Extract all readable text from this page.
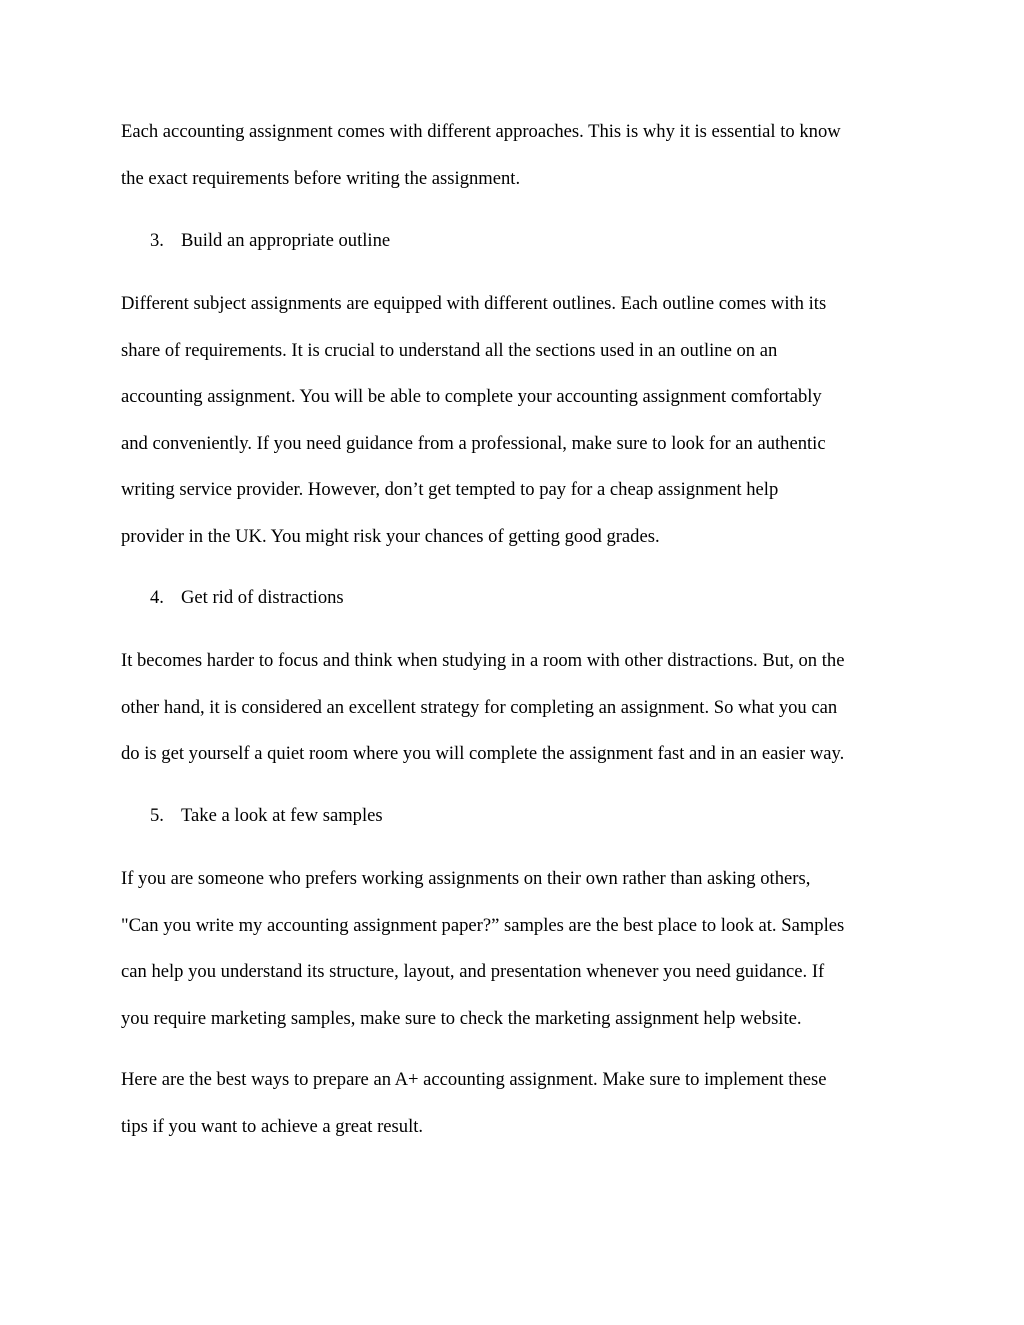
Each accounting assignment comes with different approaches. This is why it is essential to know
the exact requirements before writing the assignment.

3. Build an appropriate outline

Different subject assignments are equipped with different outlines. Each outline comes with its
share of requirements. It is crucial to understand all the sections used in an outline on an
accounting assignment. You will be able to complete your accounting assignment comfortably
and conveniently. If you need guidance from a professional, make sure to look for an authentic
writing service provider. However, don’t get tempted to pay for a cheap assignment help
provider in the UK. You might risk your chances of getting good grades.

4. Get rid of distractions

It becomes harder to focus and think when studying in a room with other distractions. But, on the
other hand, it is considered an excellent strategy for completing an assignment. So what you can
do is get yourself a quiet room where you will complete the assignment fast and in an easier way.

5. Take a look at few samples

If you are someone who prefers working assignments on their own rather than asking others,
"Can you write my accounting assignment paper?” samples are the best place to look at. Samples
can help you understand its structure, layout, and presentation whenever you need guidance. If
you require marketing samples, make sure to check the marketing assignment help website.

Here are the best ways to prepare an A+ accounting assignment. Make sure to implement these
tips if you want to achieve a great result.
